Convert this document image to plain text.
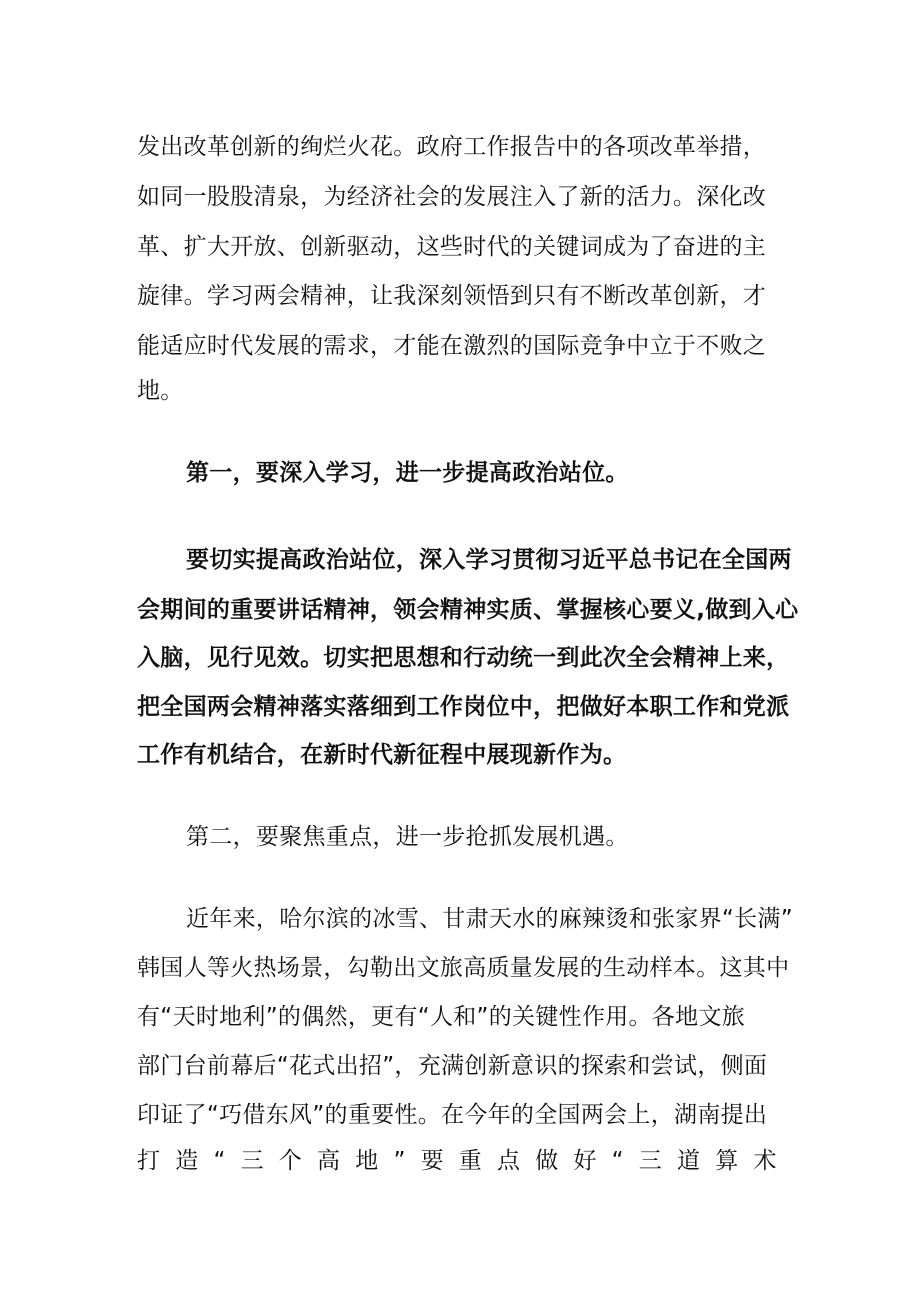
发出改革创新的绚烂火花。政府工作报告中的各项改革举措，
如同一股股清泉，为经济社会的发展注入了新的活力。深化改
革、扩大开放、创新驱动，这些时代的关键词成为了奋进的主
旋律。学习两会精神，让我深刻领悟到只有不断改革创新，才
能适应时代发展的需求，才能在激烈的国际竞争中立于不败之
地。
第一，要深入学习，进一步提高政治站位。
要切实提高政治站位，深入学习贯彻习近平总书记在全国两
会期间的重要讲话精神，领会精神实质、掌握核心要义,做到入心
入脑，见行见效。切实把思想和行动统一到此次全会精神上来，
把全国两会精神落实落细到工作岗位中，把做好本职工作和党派
工作有机结合，在新时代新征程中展现新作为。
第二，要聚焦重点，进一步抢抓发展机遇。
近年来，哈尔滨的冰雪、甘肃天水的麻辣烫和张家界“长满”
韩国人等火热场景，勾勒出文旅高质量发展的生动样本。这其中
有“天时地利”的偶然，更有“人和”的关键性作用。各地文旅
部门台前幕后“花式出招”，充满创新意识的探索和尝试，侧面
印证了“巧借东风”的重要性。在今年的全国两会上，湖南提出
打 造 “ 三 个 高 地 ” 要 重 点 做 好 “ 三 道 算 术
